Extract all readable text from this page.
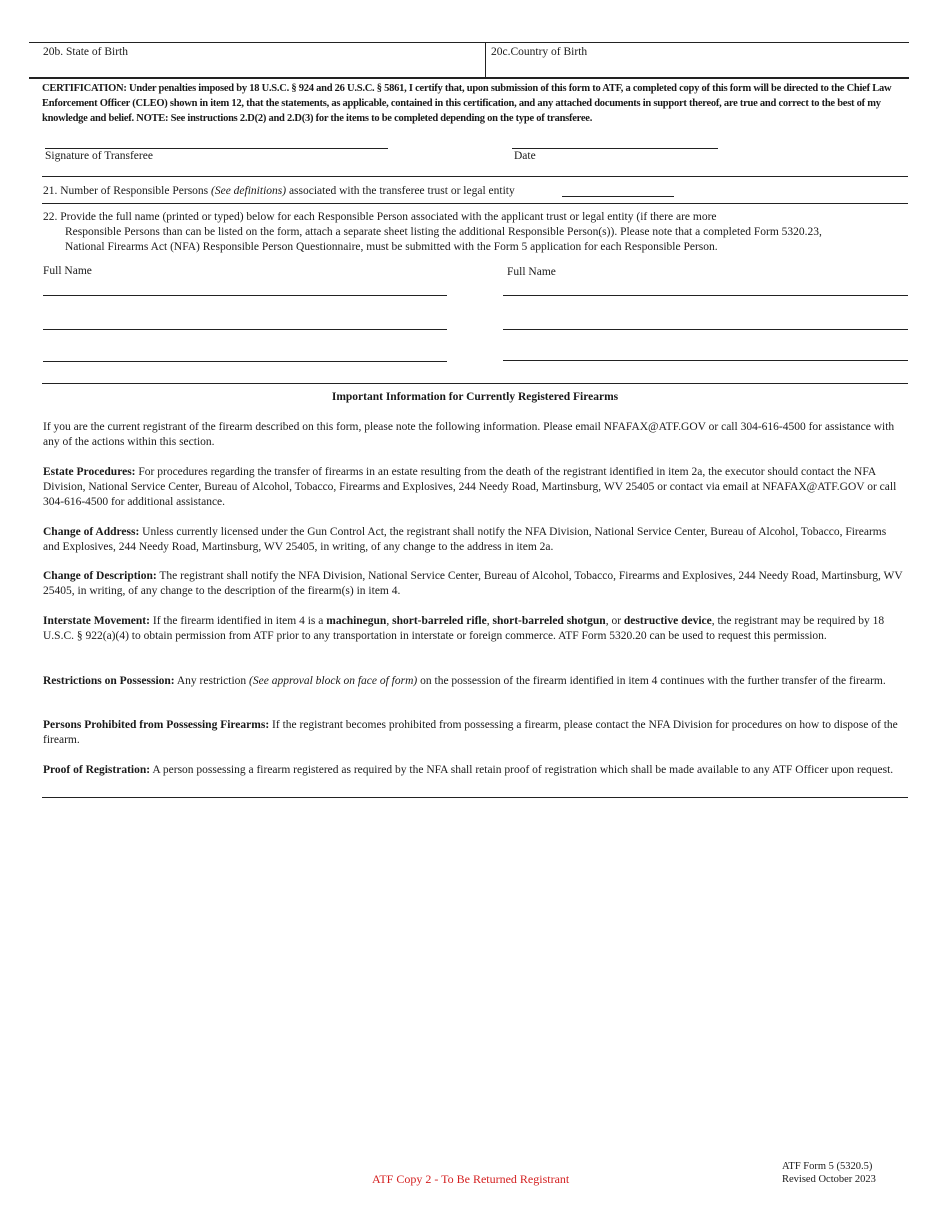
20b. State of Birth	20c.Country of Birth
CERTIFICATION: Under penalties imposed by 18 U.S.C. § 924 and 26 U.S.C. § 5861, I certify that, upon submission of this form to ATF, a completed copy of this form will be directed to the Chief Law Enforcement Officer (CLEO) shown in item 12, that the statements, as applicable, contained in this certification, and any attached documents in support thereof, are true and correct to the best of my knowledge and belief. NOTE: See instructions 2.D(2) and 2.D(3) for the items to be completed depending on the type of transferee.
Signature of Transferee	Date
21. Number of Responsible Persons (See definitions) associated with the transferee trust or legal entity
22. Provide the full name (printed or typed) below for each Responsible Person associated with the applicant trust or legal entity (if there are more
Responsible Persons than can be listed on the form, attach a separate sheet listing the additional Responsible Person(s)). Please note that a completed Form 5320.23,
National Firearms Act (NFA) Responsible Person Questionnaire, must be submitted with the Form 5 application for each Responsible Person.
Full Name	Full Name
Important Information for Currently Registered Firearms
If you are the current registrant of the firearm described on this form, please note the following information. Please email NFAFAX@ATF.GOV or call 304-616-4500 for assistance with any of the actions within this section.
Estate Procedures: For procedures regarding the transfer of firearms in an estate resulting from the death of the registrant identified in item 2a, the executor should contact the NFA Division, National Service Center, Bureau of Alcohol, Tobacco, Firearms and Explosives, 244 Needy Road, Martinsburg, WV 25405 or contact via email at NFAFAX@ATF.GOV or call 304-616-4500 for additional assistance.
Change of Address: Unless currently licensed under the Gun Control Act, the registrant shall notify the NFA Division, National Service Center, Bureau of Alcohol, Tobacco, Firearms and Explosives, 244 Needy Road, Martinsburg, WV 25405, in writing, of any change to the address in item 2a.
Change of Description: The registrant shall notify the NFA Division, National Service Center, Bureau of Alcohol, Tobacco, Firearms and Explosives, 244 Needy Road, Martinsburg, WV 25405, in writing, of any change to the description of the firearm(s) in item 4.
Interstate Movement: If the firearm identified in item 4 is a machinegun, short-barreled rifle, short-barreled shotgun, or destructive device, the registrant may be required by 18 U.S.C. § 922(a)(4) to obtain permission from ATF prior to any transportation in interstate or foreign commerce. ATF Form 5320.20 can be used to request this permission.
Restrictions on Possession: Any restriction (See approval block on face of form) on the possession of the firearm identified in item 4 continues with the further transfer of the firearm.
Persons Prohibited from Possessing Firearms: If the registrant becomes prohibited from possessing a firearm, please contact the NFA Division for procedures on how to dispose of the firearm.
Proof of Registration: A person possessing a firearm registered as required by the NFA shall retain proof of registration which shall be made available to any ATF Officer upon request.
ATF Copy 2 - To Be Returned Registrant
ATF Form 5 (5320.5)
Revised October 2023
